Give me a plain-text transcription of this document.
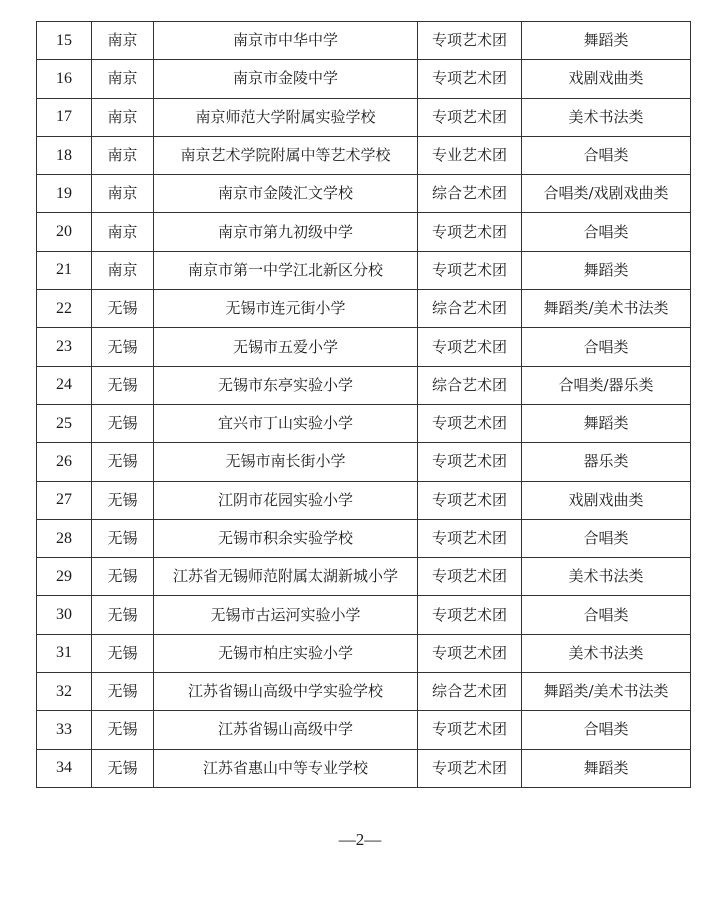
15	南京	南京市中华中学	专项艺术团	舞蹈类
16	南京	南京市金陵中学	专项艺术团	戏剧戏曲类
17	南京	南京师范大学附属实验学校	专项艺术团	美术书法类
18	南京	南京艺术学院附属中等艺术学校	专业艺术团	合唱类
19	南京	南京市金陵汇文学校	综合艺术团	合唱类/戏剧戏曲类
20	南京	南京市第九初级中学	专项艺术团	合唱类
21	南京	南京市第一中学江北新区分校	专项艺术团	舞蹈类
22	无锡	无锡市连元街小学	综合艺术团	舞蹈类/美术书法类
23	无锡	无锡市五爱小学	专项艺术团	合唱类
24	无锡	无锡市东亭实验小学	综合艺术团	合唱类/器乐类
25	无锡	宜兴市丁山实验小学	专项艺术团	舞蹈类
26	无锡	无锡市南长街小学	专项艺术团	器乐类
27	无锡	江阴市花园实验小学	专项艺术团	戏剧戏曲类
28	无锡	无锡市积余实验学校	专项艺术团	合唱类
29	无锡	江苏省无锡师范附属太湖新城小学	专项艺术团	美术书法类
30	无锡	无锡市古运河实验小学	专项艺术团	合唱类
31	无锡	无锡市柏庄实验小学	专项艺术团	美术书法类
32	无锡	江苏省锡山高级中学实验学校	综合艺术团	舞蹈类/美术书法类
33	无锡	江苏省锡山高级中学	专项艺术团	合唱类
34	无锡	江苏省惠山中等专业学校	专项艺术团	舞蹈类
—2—
